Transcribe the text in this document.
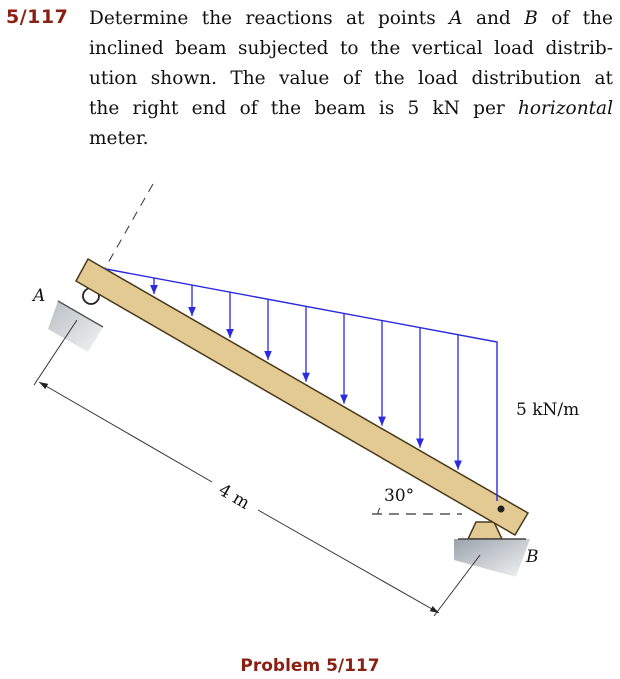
5/117 Determine the reactions at points A and B of the
inclined beam subjected to the vertical load distrib-
ution shown. The value of the load distribution at
the right end of the beam is 5 kN per horizontal
meter.

A
B
5 kN/m
30°
4 m
Problem 5/117
